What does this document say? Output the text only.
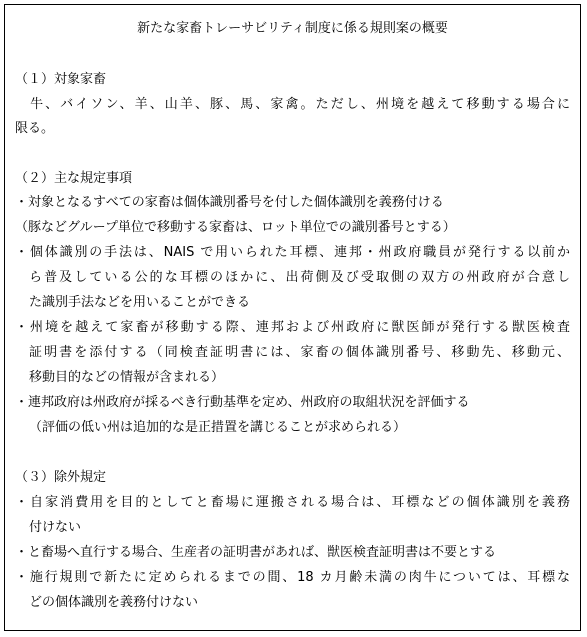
新たな家畜トレーサビリティ制度に係る規則案の概要
（１）対象家畜
　牛、バイソン、羊、山羊、豚、馬、家禽。ただし、州境を越えて移動する場合に
限る。
（２）主な規定事項
・対象となるすべての家畜は個体識別番号を付した個体識別を義務付ける
（豚などグループ単位で移動する家畜は、ロット単位での識別番号とする）
・個体識別の手法は、NAIS で用いられた耳標、連邦・州政府職員が発行する以前か
ら普及している公的な耳標のほかに、出荷側及び受取側の双方の州政府が合意し
た識別手法などを用いることができる
・州境を越えて家畜が移動する際、連邦および州政府に獣医師が発行する獣医検査
証明書を添付する（同検査証明書には、家畜の個体識別番号、移動先、移動元、
移動目的などの情報が含まれる）
・連邦政府は州政府が採るべき行動基準を定め、州政府の取組状況を評価する
（評価の低い州は追加的な是正措置を講じることが求められる）
（３）除外規定
・自家消費用を目的としてと畜場に運搬される場合は、耳標などの個体識別を義務
付けない
・と畜場へ直行する場合、生産者の証明書があれば、獣医検査証明書は不要とする
・施行規則で新たに定められるまでの間、18 カ月齢未満の肉牛については、耳標な
どの個体識別を義務付けない
